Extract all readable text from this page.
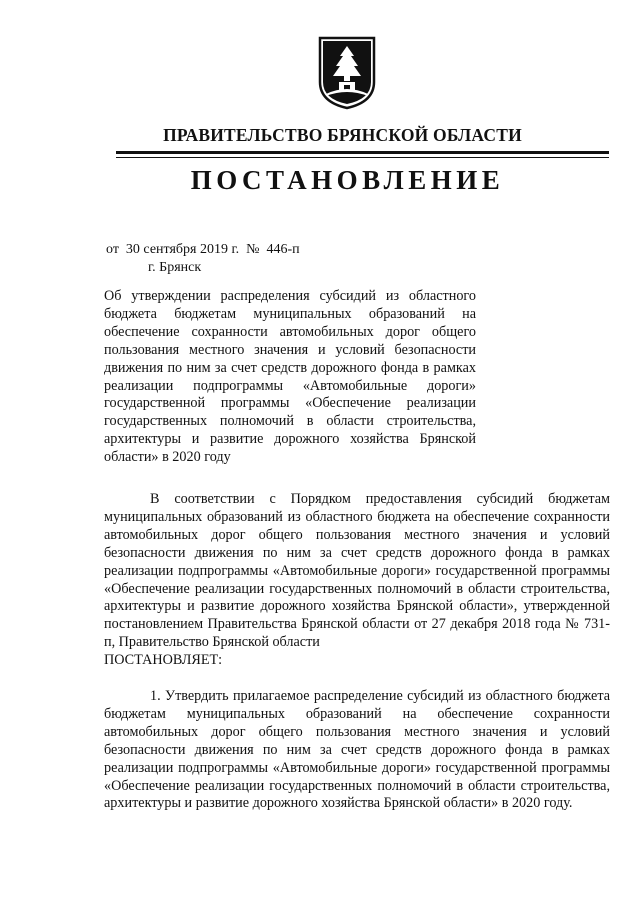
ПРАВИТЕЛЬСТВО БРЯНСКОЙ ОБЛАСТИ
ПОСТАНОВЛЕНИЕ
от  30 сентября 2019 г.  №  446-п
г. Брянск
Об утверждении распределения субсидий из областного бюджета бюджетам муниципальных образований на обеспечение сохранности автомобильных дорог общего пользования местного значения и условий безопасности движения по ним за счет средств дорожного фонда в рамках реализации подпрограммы «Автомобильные дороги» государственной программы «Обеспечение реализации государственных полномочий в области строительства, архитектуры и развитие дорожного хозяйства Брянской области» в 2020 году
В соответствии с Порядком предоставления субсидий бюджетам муниципальных образований из областного бюджета на обеспечение сохранности автомобильных дорог общего пользования местного значения и условий безопасности движения по ним за счет средств дорожного фонда в рамках реализации подпрограммы «Автомобильные дороги» государственной программы «Обеспечение реализации государственных полномочий в области строительства, архитектуры и развитие дорожного хозяйства Брянской области», утвержденной постановлением Правительства Брянской области от 27 декабря 2018 года № 731-п, Правительство Брянской области
ПОСТАНОВЛЯЕТ:
1. Утвердить прилагаемое распределение субсидий из областного бюджета бюджетам муниципальных образований на обеспечение сохранности автомобильных дорог общего пользования местного значения и условий безопасности движения по ним за счет средств дорожного фонда в рамках реализации подпрограммы «Автомобильные дороги» государственной программы «Обеспечение реализации государственных полномочий в области строительства, архитектуры и развитие дорожного хозяйства Брянской области» в 2020 году.
